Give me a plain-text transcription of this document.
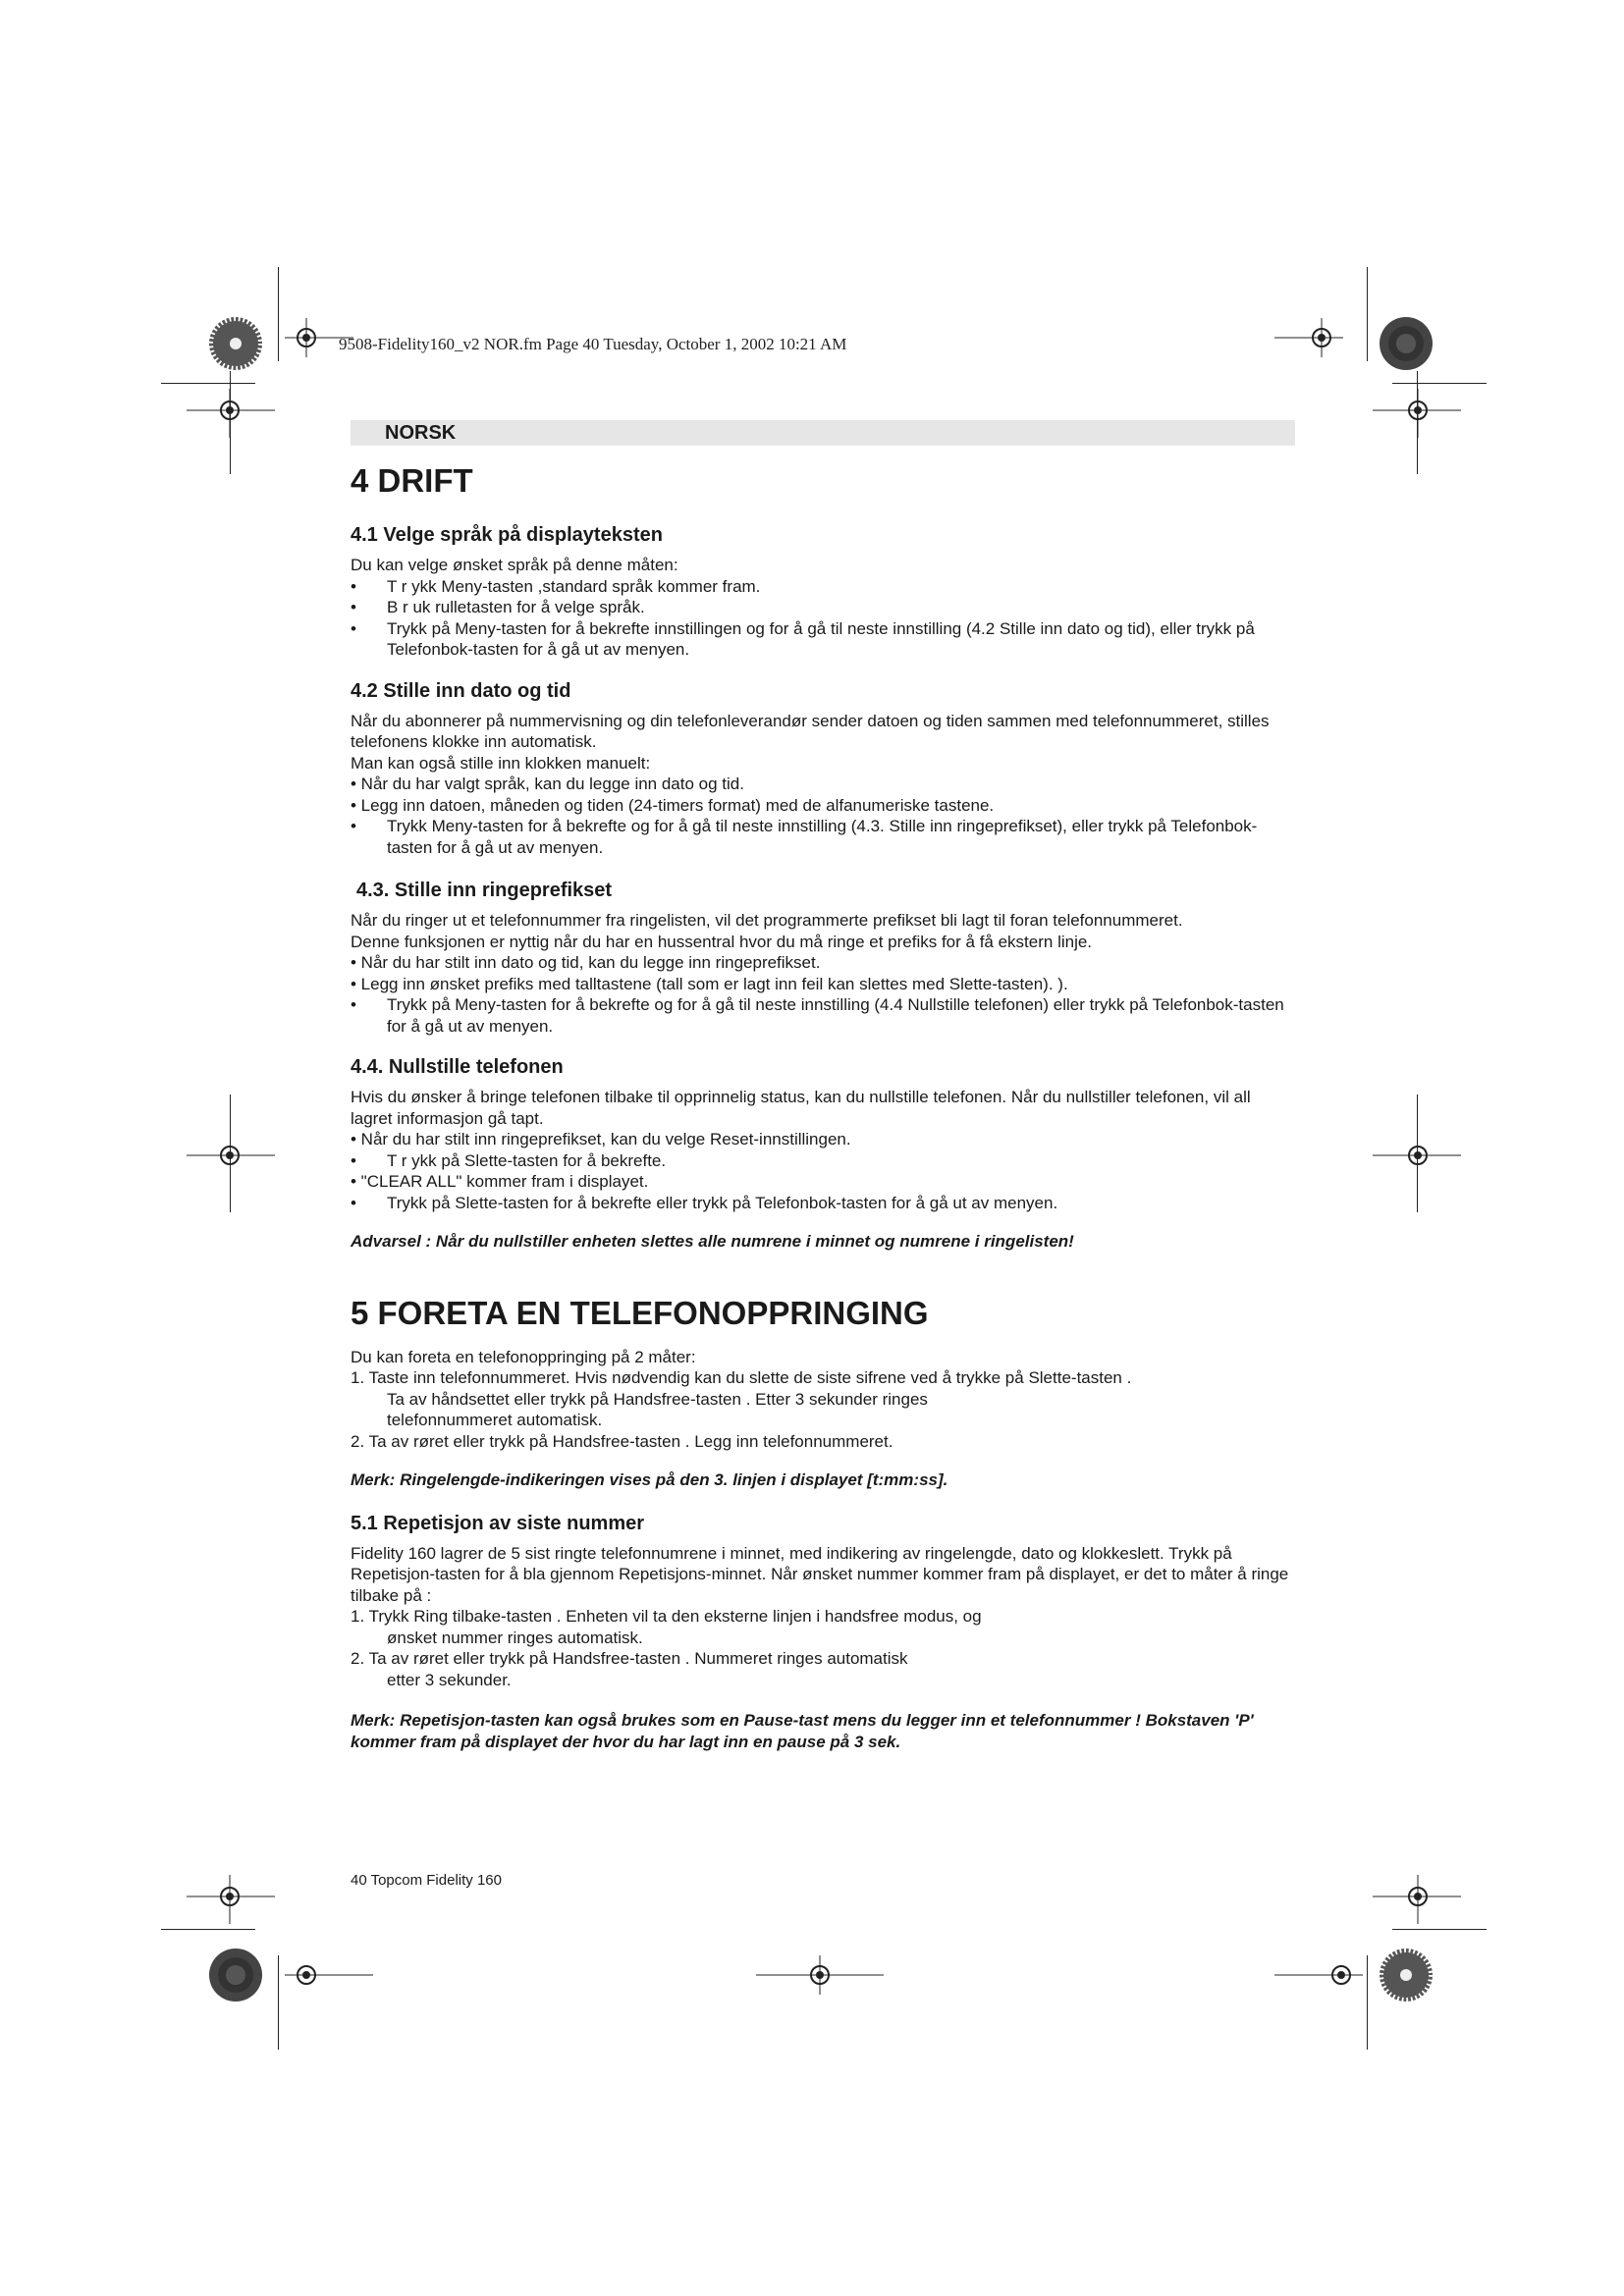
9508-Fidelity160_v2 NOR.fm Page 40 Tuesday, October 1, 2002 10:21 AM
NORSK
4 DRIFT
4.1 Velge språk på displayteksten
Du kan velge ønsket språk på denne måten:
• T r ykk Meny-tasten ,standard språk kommer fram.
• B r uk rulletasten for å velge språk.
• Trykk på Meny-tasten for å bekrefte innstillingen og for å gå til neste innstilling (4.2 Stille inn dato og tid), eller trykk på Telefonbok-tasten for å gå ut av menyen.
4.2 Stille inn dato og tid
Når du abonnerer på nummervisning og din telefonleverandør sender datoen og tiden sammen med telefonnummeret, stilles telefonens klokke inn automatisk.
Man kan også stille inn klokken manuelt:
• Når du har valgt språk, kan du legge inn dato og tid.
• Legg inn datoen, måneden og tiden (24-timers format) med de alfanumeriske tastene.
• Trykk Meny-tasten for å bekrefte og for å gå til neste innstilling (4.3. Stille inn ringeprefikset), eller trykk på Telefonbok-tasten for å gå ut av menyen.
4.3. Stille inn ringeprefikset
Når du ringer ut et telefonnummer fra ringelisten, vil det programmerte prefikset bli lagt til foran telefonnummeret.
Denne funksjonen er nyttig når du har en hussentral hvor du må ringe et prefiks for å få ekstern linje.
• Når du har stilt inn dato og tid, kan du legge inn ringeprefikset.
• Legg inn ønsket prefiks med talltastene (tall som er lagt inn feil kan slettes med Slette-tasten). ).
• Trykk på Meny-tasten for å bekrefte og for å gå til neste innstilling (4.4 Nullstille telefonen) eller trykk på Telefonbok-tasten for å gå ut av menyen.
4.4. Nullstille telefonen
Hvis du ønsker å bringe telefonen tilbake til opprinnelig status, kan du nullstille telefonen. Når du nullstiller telefonen, vil all lagret informasjon gå tapt.
• Når du har stilt inn ringeprefikset, kan du velge Reset-innstillingen.
• T r ykk på Slette-tasten for å bekrefte.
• "CLEAR ALL" kommer fram i displayet.
• Trykk på Slette-tasten for å bekrefte eller trykk på Telefonbok-tasten for å gå ut av menyen.
Advarsel : Når du nullstiller enheten slettes alle numrene i minnet og numrene i ringelisten!
5 FORETA EN TELEFONOPPRINGING
Du kan foreta en telefonoppringing på 2 måter:
1. Taste inn telefonnummeret. Hvis nødvendig kan du slette de siste sifrene ved å trykke på Slette-tasten .
Ta av håndsettet eller trykk på Handsfree-tasten . Etter 3 sekunder ringes telefonnummeret automatisk.
2. Ta av røret eller trykk på Handsfree-tasten . Legg inn telefonnummeret.
Merk: Ringelengde-indikeringen vises på den 3. linjen i displayet [t:mm:ss].
5.1 Repetisjon av siste nummer
Fidelity 160 lagrer de 5 sist ringte telefonnumrene i minnet, med indikering av ringelengde, dato og klokkeslett. Trykk på Repetisjon-tasten for å bla gjennom Repetisjons-minnet. Når ønsket nummer kommer fram på displayet, er det to måter å ringe tilbake på :
1. Trykk Ring tilbake-tasten . Enheten vil ta den eksterne linjen i handsfree modus, og
ønsket nummer ringes automatisk.
2. Ta av røret eller trykk på Handsfree-tasten . Nummeret ringes automatisk
etter 3 sekunder.
Merk: Repetisjon-tasten kan også brukes som en Pause-tast mens du legger inn et telefonnummer ! Bokstaven 'P' kommer fram på displayet der hvor du har lagt inn en pause på 3 sek.
40 Topcom Fidelity 160
